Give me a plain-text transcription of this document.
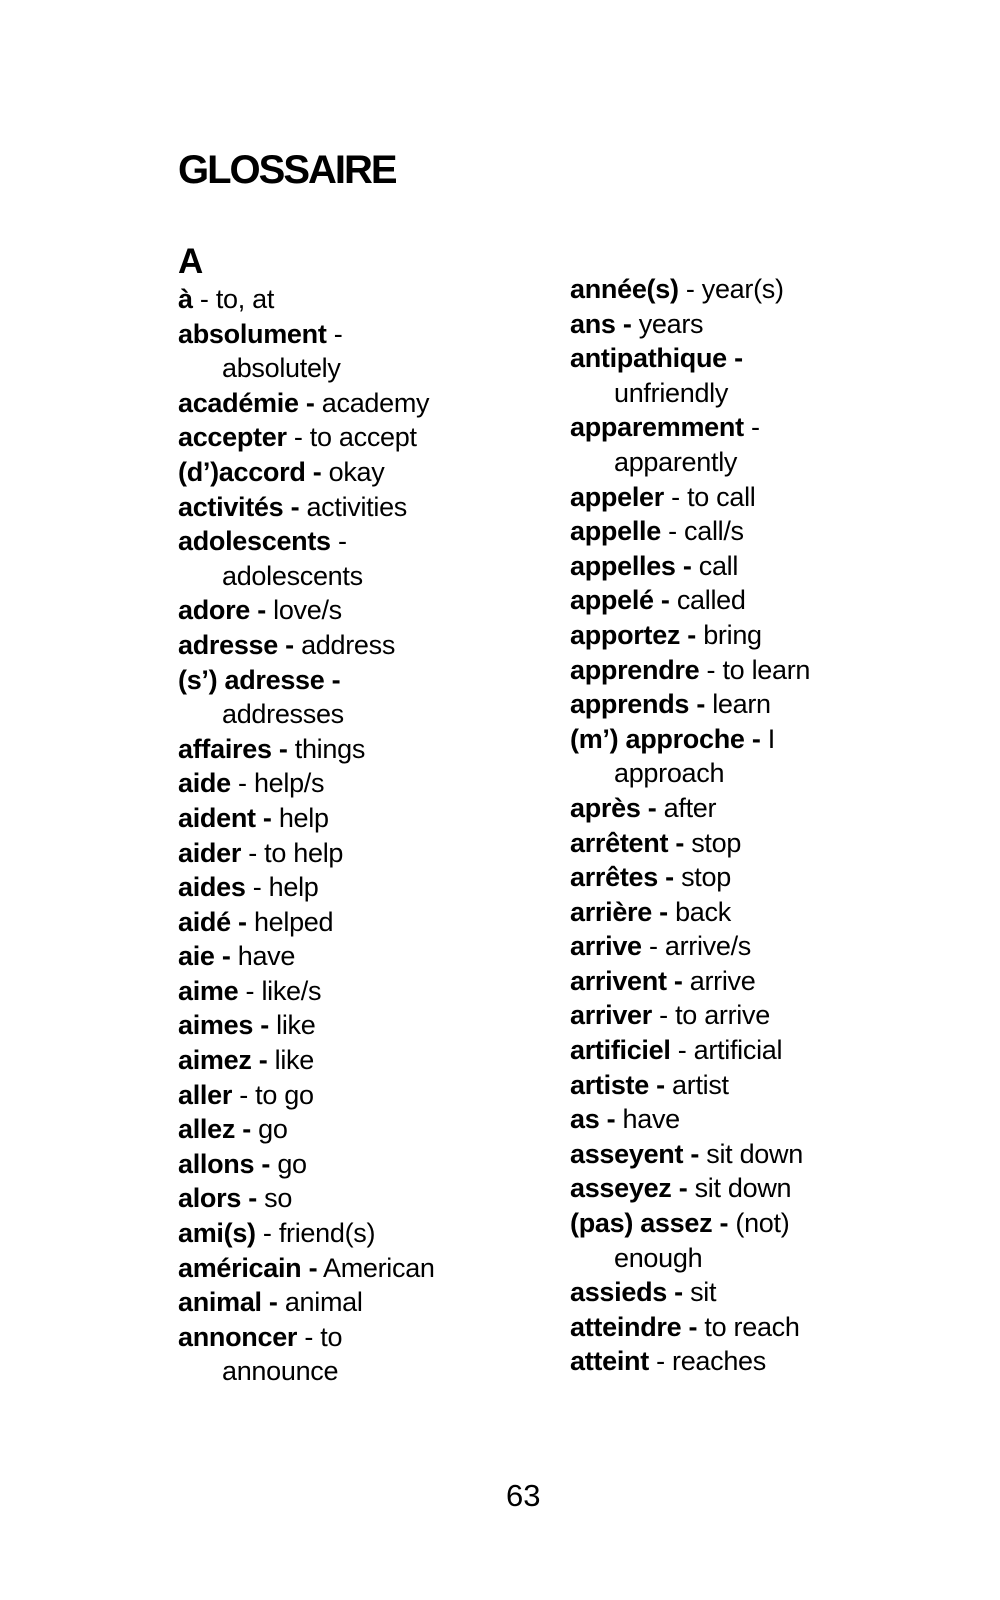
GLOSSAIRE
A
à - to, at
absolument -
absolutely
académie - academy
accepter - to accept
(d’)accord - okay
activités - activities
adolescents -
adolescents
adore - love/s
adresse - address
(s’) adresse -
addresses
affaires - things
aide - help/s
aident - help
aider - to help
aides - help
aidé - helped
aie - have
aime - like/s
aimes - like
aimez - like
aller - to go
allez - go
allons - go
alors - so
ami(s) - friend(s)
américain - American
animal - animal
annoncer - to
announce
année(s) - year(s)
ans - years
antipathique -
unfriendly
apparemment -
apparently
appeler - to call
appelle - call/s
appelles - call
appelé - called
apportez - bring
apprendre - to learn
apprends - learn
(m’) approche - I
approach
après - after
arrêtent - stop
arrêtes - stop
arrière - back
arrive - arrive/s
arrivent - arrive
arriver - to arrive
artificiel - artificial
artiste - artist
as - have
asseyent - sit down
asseyez - sit down
(pas) assez - (not)
enough
assieds - sit
atteindre - to reach
atteint - reaches
63
